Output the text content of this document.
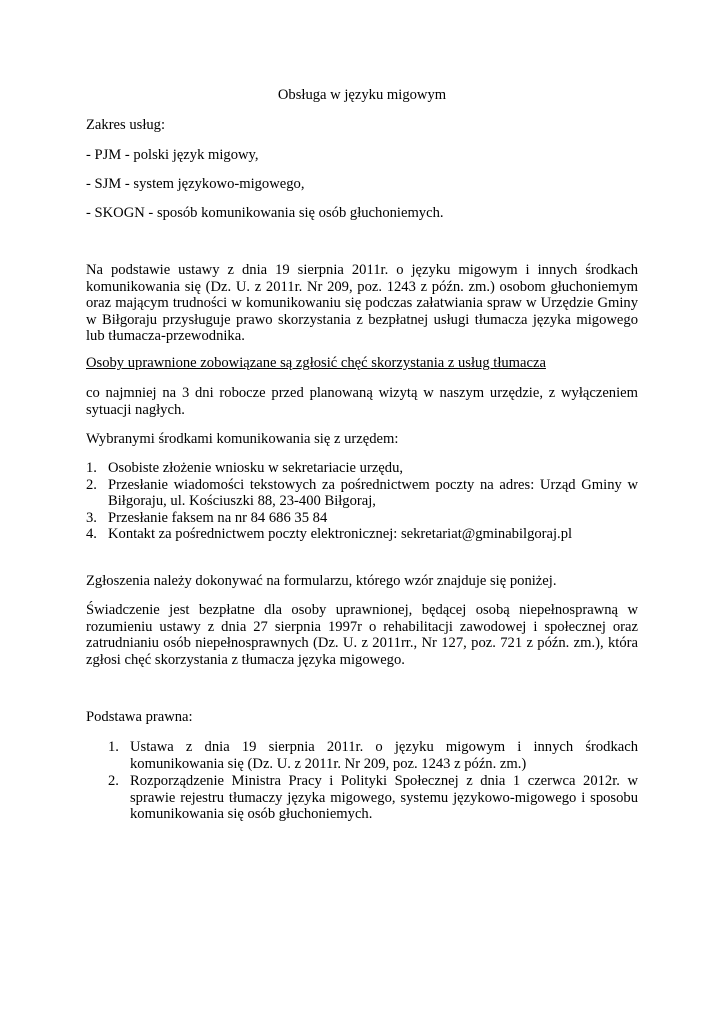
Obsługa w języku migowym

Zakres usług:

- PJM - polski język migowy,

- SJM - system językowo-migowego,

- SKOGN - sposób komunikowania się osób głuchoniemych.

Na podstawie ustawy z dnia 19 sierpnia 2011r. o języku migowym i innych środkach komunikowania się (Dz. U. z 2011r. Nr 209, poz. 1243 z późn. zm.) osobom głuchoniemym oraz mającym trudności w komunikowaniu się podczas załatwiania spraw w Urzędzie Gminy w Biłgoraju przysługuje prawo skorzystania z bezpłatnej usługi tłumacza języka migowego lub tłumacza-przewodnika.

Osoby uprawnione zobowiązane są zgłosić chęć skorzystania z usług tłumacza

co najmniej na 3 dni robocze przed planowaną wizytą w naszym urzędzie, z wyłączeniem sytuacji nagłych.

Wybranymi środkami komunikowania się z urzędem:

1. Osobiste złożenie wniosku w sekretariacie urzędu,
2. Przesłanie wiadomości tekstowych za pośrednictwem poczty na adres: Urząd Gminy w Biłgoraju, ul. Kościuszki 88, 23-400 Biłgoraj,
3. Przesłanie faksem na nr 84 686 35 84
4. Kontakt za pośrednictwem poczty elektronicznej: sekretariat@gminabilgoraj.pl

Zgłoszenia należy dokonywać na formularzu, którego wzór znajduje się poniżej.

Świadczenie jest bezpłatne dla osoby uprawnionej, będącej osobą niepełnosprawną w rozumieniu ustawy z dnia 27 sierpnia 1997r o rehabilitacji zawodowej i społecznej oraz zatrudnianiu osób niepełnosprawnych (Dz. U. z 2011rr., Nr 127, poz. 721 z późn. zm.), która zgłosi chęć skorzystania z tłumacza języka migowego.

Podstawa prawna:

1. Ustawa z dnia 19 sierpnia 2011r. o języku migowym i innych środkach komunikowania się (Dz. U. z 2011r. Nr 209, poz. 1243 z późn. zm.)
2. Rozporządzenie Ministra Pracy i Polityki Społecznej z dnia 1 czerwca 2012r. w sprawie rejestru tłumaczy języka migowego, systemu językowo-migowego i sposobu komunikowania się osób głuchoniemych.
